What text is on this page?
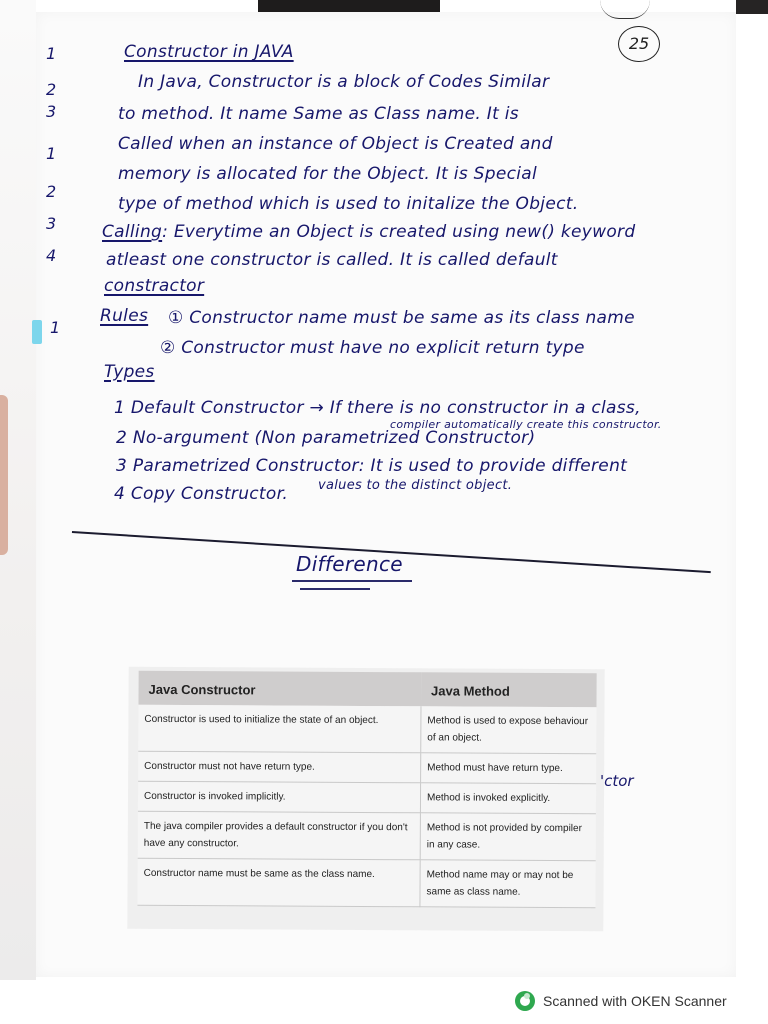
25
1
2
3
1
2
3
4
1
Constructor in JAVA
In Java, Constructor is a block of Codes Similar
to method. It name Same as Class name. It is
Called when an instance of Object is Created and
memory is allocated for the Object. It is Special
type of method which is used to initalize the Object.
Calling: Everytime an Object is created using new() keyword
atleast one constructor is called. It is called default
constractor
Rules ① Constructor name must be same as its class name
② Constructor must have no explicit return type
Types
1 Default Constructor → If there is no constructor in a class,
compiler automatically create this constructor.
2 No-argument (Non parametrized Constructor)
3 Parametrized Constructor: It is used to provide different
values to the distinct object.
4 Copy Constructor.
Difference
Java Constructor	Java Method
Constructor is used to initialize the state of an object.	Method is used to expose behaviour of an object.
Constructor must not have return type.	Method must have return type.
Constructor is invoked implicitly.	Method is invoked explicitly.
The java compiler provides a default constructor if you don't have any constructor.	Method is not provided by compiler in any case.
Constructor name must be same as the class name.	Method name may or may not be same as class name.
'ctor
Scanned with OKEN Scanner
